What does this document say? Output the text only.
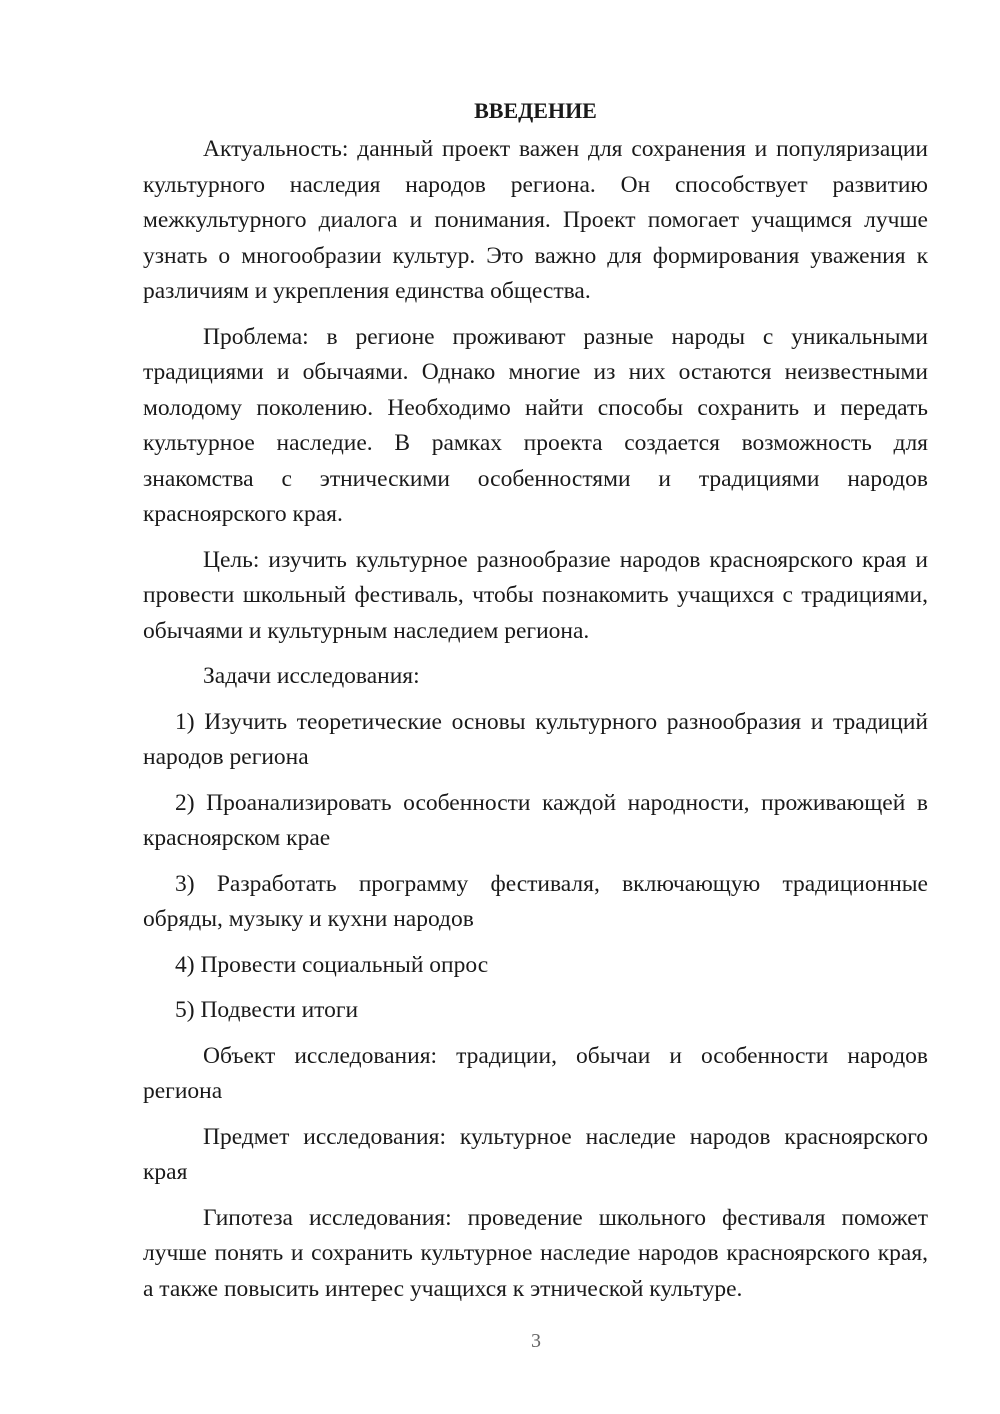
ВВЕДЕНИЕ

Актуальность: данный проект важен для сохранения и популяризации культурного наследия народов региона. Он способствует развитию межкультурного диалога и понимания. Проект помогает учащимся лучше узнать о многообразии культур. Это важно для формирования уважения к различиям и укрепления единства общества.

Проблема: в регионе проживают разные народы с уникальными традициями и обычаями. Однако многие из них остаются неизвестными молодому поколению. Необходимо найти способы сохранить и передать культурное наследие. В рамках проекта создается возможность для знакомства с этническими особенностями и традициями народов красноярского края.

Цель: изучить культурное разнообразие народов красноярского края и провести школьный фестиваль, чтобы познакомить учащихся с традициями, обычаями и культурным наследием региона.

Задачи исследования:

1) Изучить теоретические основы культурного разнообразия и традиций народов региона

2) Проанализировать особенности каждой народности, проживающей в красноярском крае

3) Разработать программу фестиваля, включающую традиционные обряды, музыку и кухни народов

4) Провести социальный опрос

5) Подвести итоги

Объект исследования: традиции, обычаи и особенности народов региона

Предмет исследования: культурное наследие народов красноярского края

Гипотеза исследования: проведение школьного фестиваля поможет лучше понять и сохранить культурное наследие народов красноярского края, а также повысить интерес учащихся к этнической культуре.

3
